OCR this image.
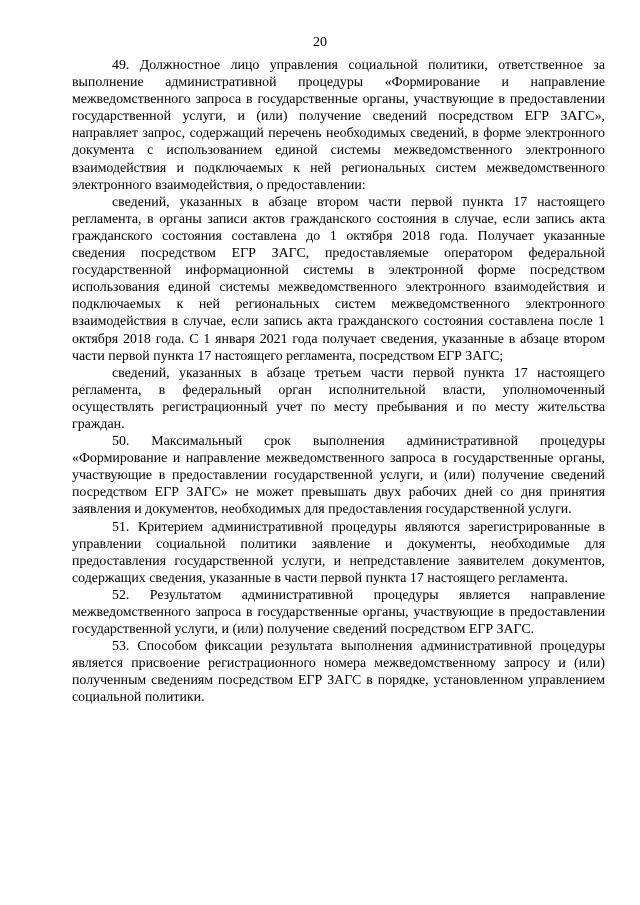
20

49. Должностное лицо управления социальной политики, ответственное за выполнение административной процедуры «Формирование и направление межведомственного запроса в государственные органы, участвующие в предоставлении государственной услуги, и (или) получение сведений посредством ЕГР ЗАГС», направляет запрос, содержащий перечень необходимых сведений, в форме электронного документа с использованием единой системы межведомственного электронного взаимодействия и подключаемых к ней региональных систем межведомственного электронного взаимодействия, о предоставлении:

сведений, указанных в абзаце втором части первой пункта 17 настоящего регламента, в органы записи актов гражданского состояния в случае, если запись акта гражданского состояния составлена до 1 октября 2018 года. Получает указанные сведения посредством ЕГР ЗАГС, предоставляемые оператором федеральной государственной информационной системы в электронной форме посредством использования единой системы межведомственного электронного взаимодействия и подключаемых к ней региональных систем межведомственного электронного взаимодействия в случае, если запись акта гражданского состояния составлена после 1 октября 2018 года. С 1 января 2021 года получает сведения, указанные в абзаце втором части первой пункта 17 настоящего регламента, посредством ЕГР ЗАГС;

сведений, указанных в абзаце третьем части первой пункта 17 настоящего регламента, в федеральный орган исполнительной власти, уполномоченный осуществлять регистрационный учет по месту пребывания и по месту жительства граждан.

50. Максимальный срок выполнения административной процедуры «Формирование и направление межведомственного запроса в государственные органы, участвующие в предоставлении государственной услуги, и (или) получение сведений посредством ЕГР ЗАГС» не может превышать двух рабочих дней со дня принятия заявления и документов, необходимых для предоставления государственной услуги.

51. Критерием административной процедуры являются зарегистрированные в управлении социальной политики заявление и документы, необходимые для предоставления государственной услуги, и непредставление заявителем документов, содержащих сведения, указанные в части первой пункта 17 настоящего регламента.

52. Результатом административной процедуры является направление межведомственного запроса в государственные органы, участвующие в предоставлении государственной услуги, и (или) получение сведений посредством ЕГР ЗАГС.

53. Способом фиксации результата выполнения административной процедуры является присвоение регистрационного номера межведомственному запросу и (или) полученным сведениям посредством ЕГР ЗАГС в порядке, установленном управлением социальной политики.
